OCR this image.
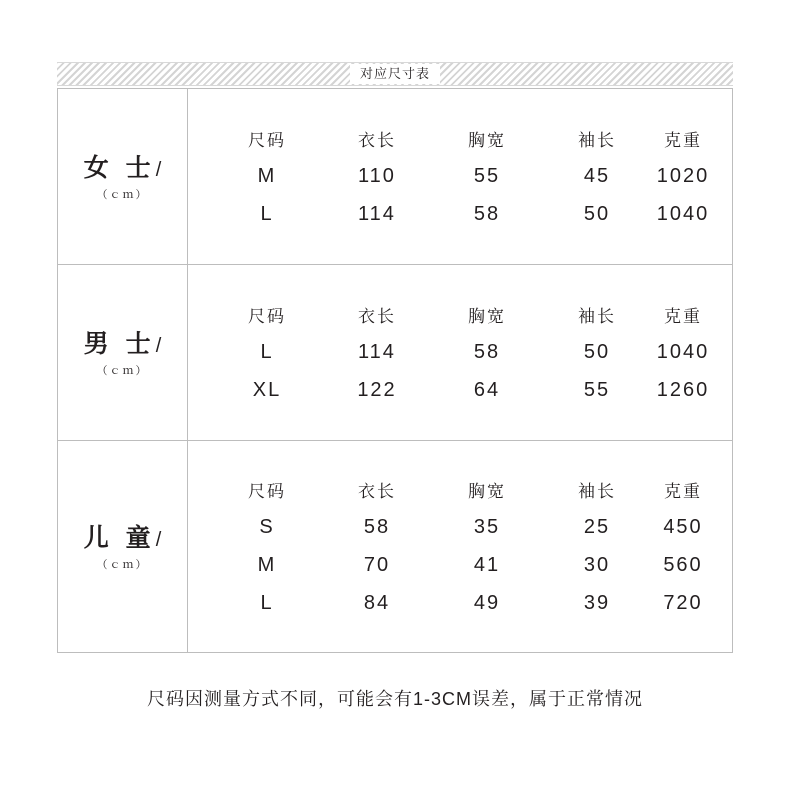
对应尺寸表
女 士/
（ｃｍ）
尺码	衣长	胸宽	袖长	克重
M	110	55	45	1020
L	114	58	50	1040
男 士/
（ｃｍ）
尺码	衣长	胸宽	袖长	克重
L	114	58	50	1040
XL	122	64	55	1260
儿 童/
（ｃｍ）
尺码	衣长	胸宽	袖长	克重
S	58	35	25	450
M	70	41	30	560
L	84	49	39	720
尺码因测量方式不同，可能会有1-3CM误差，属于正常情况
